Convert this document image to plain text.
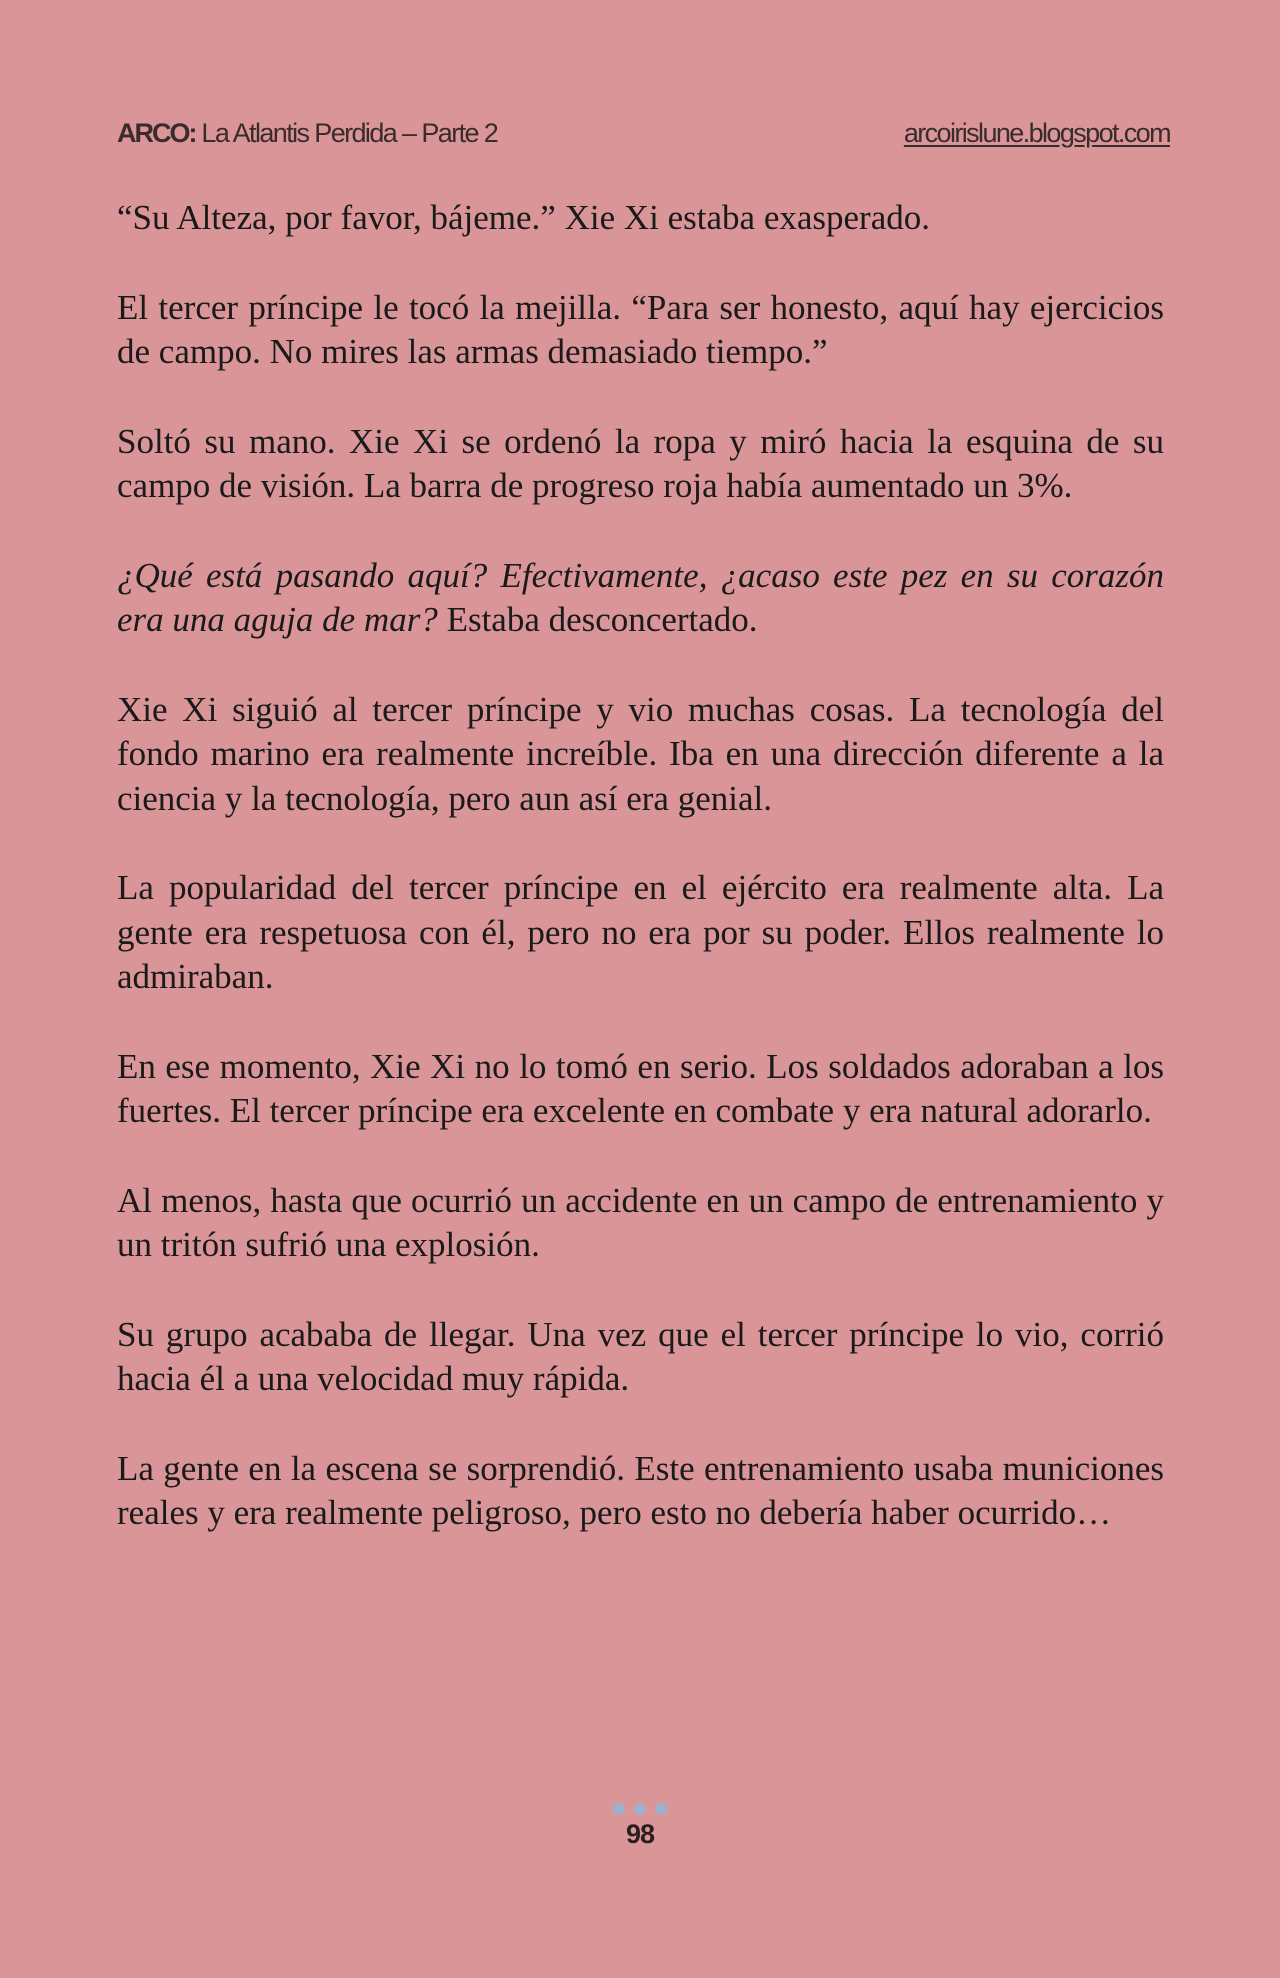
ARCO: La Atlantis Perdida – Parte 2	arcoirislune.blogspot.com

“Su Alteza, por favor, bájeme.” Xie Xi estaba exasperado.

El tercer príncipe le tocó la mejilla. “Para ser honesto, aquí hay ejercicios de campo. No mires las armas demasiado tiempo.”

Soltó su mano. Xie Xi se ordenó la ropa y miró hacia la esquina de su campo de visión. La barra de progreso roja había aumentado un 3%.

¿Qué está pasando aquí? Efectivamente, ¿acaso este pez en su corazón era una aguja de mar? Estaba desconcertado.

Xie Xi siguió al tercer príncipe y vio muchas cosas. La tecnología del fondo marino era realmente increíble. Iba en una dirección diferente a la ciencia y la tecnología, pero aun así era genial.

La popularidad del tercer príncipe en el ejército era realmente alta. La gente era respetuosa con él, pero no era por su poder. Ellos realmente lo admiraban.

En ese momento, Xie Xi no lo tomó en serio. Los soldados adoraban a los fuertes. El tercer príncipe era excelente en combate y era natural adorarlo.

Al menos, hasta que ocurrió un accidente en un campo de entrenamiento y un tritón sufrió una explosión.

Su grupo acababa de llegar. Una vez que el tercer príncipe lo vio, corrió hacia él a una velocidad muy rápida.

La gente en la escena se sorprendió. Este entrenamiento usaba municiones reales y era realmente peligroso, pero esto no debería haber ocurrido…

98
